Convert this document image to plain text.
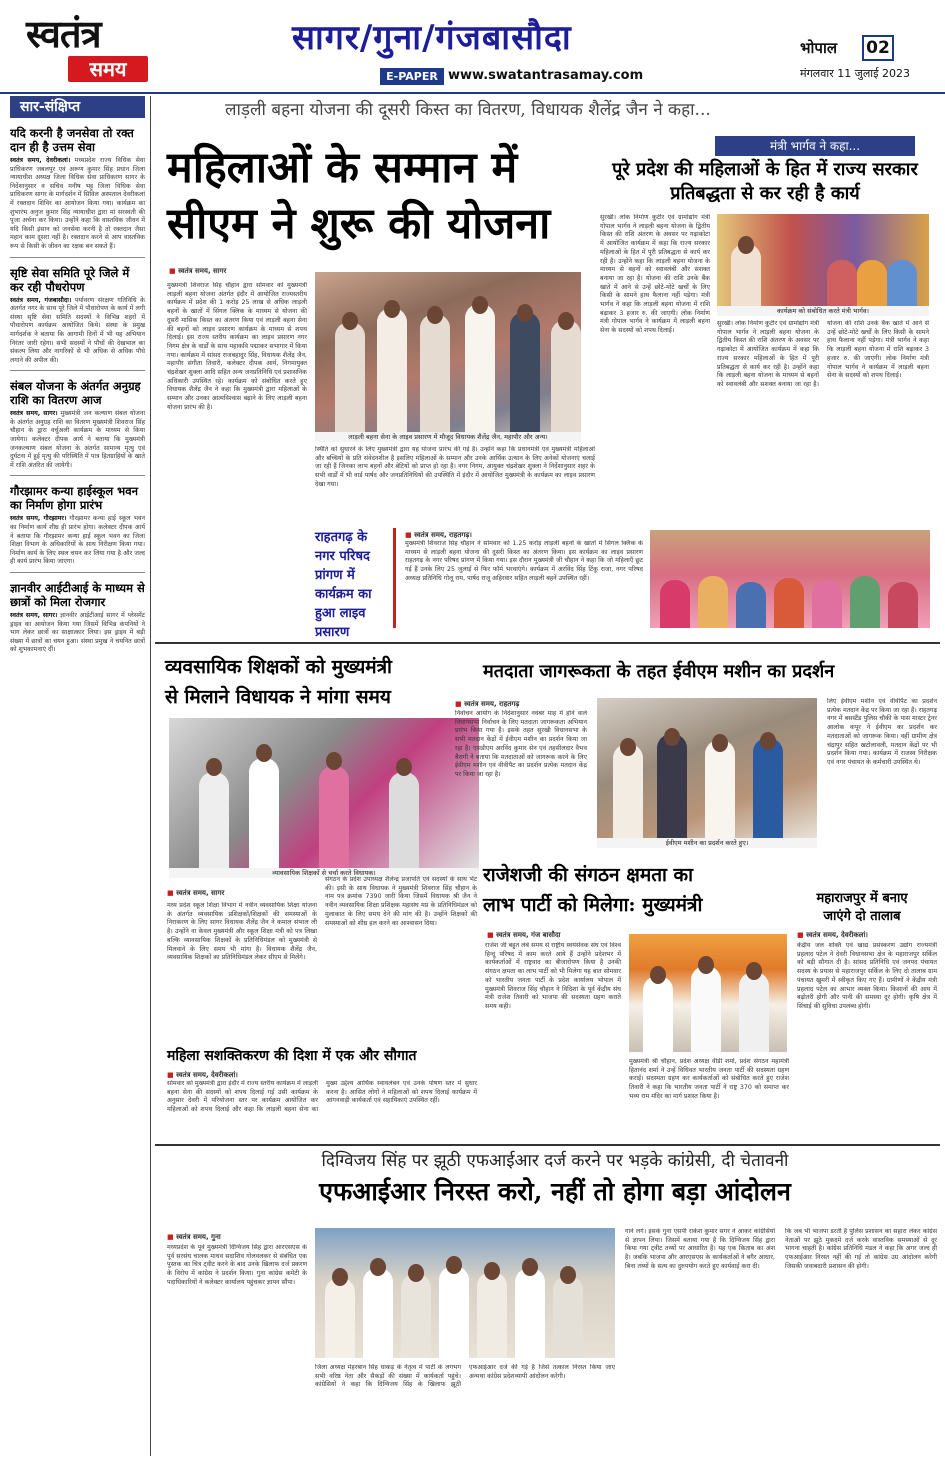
स्वतंत्र
समय
सागर/गुना/गंजबासौदा
E-PAPER www.swatantrasamay.com
भोपाल 02
मंगलवार 11 जुलाई 2023
सार-संक्षिप्त
यदि करनी है जनसेवा तो रक्त दान ही है उत्तम सेवा
स्वतंत्र समय, देवरीकलां। मध्यप्रदेश राज्य विधिक सेवा प्राधिकरण जबलपुर एवं अरूण कुमार सिंह प्रधान जिला न्यायाधीश अध्यक्ष जिला विधिक सेवा प्राधिकरण सागर के निर्देशानुसार व सचिव मनीष भट्ट जिला विधिक सेवा प्राधिकरण सागर के मार्गदर्शन में सिविल अस्पताल देवरीकलां में रक्तदान शिविर का आयोजन किया गया। कार्यक्रम का शुभारंभ अनुज कुमार सिंह न्यायाधीश द्वारा मां सरस्वती की पूजा अर्चना कर किया। उन्होंने कहा कि वास्तविक जीवन में यदि किसी इंसान को जनसेवा करनी है तो रक्तदान जैसा महान काम दूसरा नहीं है। रक्तदान करने से आप वास्तविक रूप से किसी के जीवन का रक्षक बन सकते हैं।
सृष्टि सेवा समिति पूरे जिले में कर रही पौधरोपण
स्वतंत्र समय, गंजबासौदा। पर्यावरण संरक्षण गतिविधि के अंतर्गत नगर के साथ पूरे जिले में पौधारोपण के कार्य में लगी संस्था सृष्टि सेवा समिति सदस्यों ने विभिन्न शहरों में पौधारोपण कार्यक्रम आयोजित किये। संस्था के प्रमुख मार्गदर्शक ने बताया कि आगामी दिनों में भी यह अभियान निरंतर जारी रहेगा। सभी सदस्यों ने पौधों की देखभाल का संकल्प लिया और नागरिकों से भी अधिक से अधिक पौधे लगाने की अपील की।
संबल योजना के अंतर्गत अनुग्रह राशि का वितरण आज
स्वतंत्र समय, सागर। मुख्यमंत्री जन कल्याण संबल योजना के अंतर्गत अनुग्रह राशि का वितरण मुख्यमंत्री शिवराज सिंह चौहान के द्वारा वर्चुअली कार्यक्रम के माध्यम से किया जायेगा। कलेक्टर दीपक आर्य ने बताया कि मुख्यमंत्री जनकल्याण संबल योजना के अंतर्गत सामान्य मृत्यु एवं दुर्घटना में हुई मृत्यु की परिस्थिति में पात्र हितग्राहियों के खाते में राशि अंतरित की जायेगी।
गौरझामर कन्या हाईस्कूल भवन का निर्माण होगा प्रारंभ
स्वतंत्र समय, गौरझामर। गौरझामर कन्या हाई स्कूल भवन का निर्माण कार्य शीघ्र ही प्रारंभ होगा। कलेक्टर दीपक आर्य ने बताया कि गौरझामर कन्या हाई स्कूल भवन का जिला शिक्षा विभाग के अधिकारियों के साथ निरीक्षण किया गया। निर्माण कार्य के लिए स्थल चयन कर लिया गया है और जल्द ही कार्य प्रारंभ किया जाएगा।
ज्ञानवीर आईटीआई के माध्यम से छात्रों को मिला रोजगार
स्वतंत्र समय, सागर। ज्ञानवीर आईटीआई सागर में प्लेसमेंट ड्राइव का आयोजन किया गया जिसमें विभिन्न कंपनियों ने भाग लेकर छात्रों का साक्षात्कार लिया। इस ड्राइव में बड़ी संख्या में छात्रों का चयन हुआ। संस्था प्रमुख ने चयनित छात्रों को शुभकामनाएं दीं।
लाड़ली बहना योजना की दूसरी किस्त का वितरण, विधायक शैलेंद्र जैन ने कहा...
महिलाओं के सम्मान में
सीएम ने शुरू की योजना
■ स्वतंत्र समय, सागर
मुख्यमंत्री शिवराज सिंह चौहान द्वारा सोमवार को मुख्यमंत्री लाड़ली बहना योजना अंतर्गत इंदौर में आयोजित राज्यस्तरीय कार्यक्रम में प्रदेश की 1 करोड़ 25 लाख से अधिक लाड़ली बहनों के खातों में सिंगल क्लिक के माध्यम से योजना की दूसरी मासिक किस्त का अंतरण किया एवं लाड़ली बहना सेना की बहनों को लाइव प्रसारण कार्यक्रम के माध्यम से शपथ दिलाई। इस राज्य स्तरीय कार्यक्रम का लाइव प्रसारण नगर निगम क्षेत्र के वार्डों के साथ महाकवि पद्माकर सभागार में किया गया। कार्यक्रम में सांसद राजबहादुर सिंह, विधायक शैलेंद्र जैन, महापौर संगीता तिवारी, कलेक्टर दीपक आर्य, निगमायुक्त चंद्रशेखर शुक्ला आदि सहित अन्य जनप्रतिनिधि एवं प्रशासनिक अधिकारी उपस्थित रहे। कार्यक्रम को संबोधित करते हुए विधायक शैलेंद्र जैन ने कहा कि मुख्यमंत्री द्वारा महिलाओं के सम्मान और उनका आत्मविश्वास बढ़ाने के लिए लाड़ली बहना योजना प्रारंभ की है।
लाड़ली बहना सेना के लाइव प्रसारण में मौजूद विधायक शैलेंद्र जैन, महापौर और अन्य।
स्थिति को सुधारने के लिए मुख्यमंत्री द्वारा यह योजना प्रारंभ की गई है। उन्होंने कहा कि प्रधानमंत्री एवं मुख्यमंत्री महिलाओं और बच्चियों के प्रति संवेदनशील है इसलिए महिलाओं के सम्मान और उनके आर्थिक उत्थान के लिए अनेकों योजनाएं चलाई जा रही हैं जिनका लाभ बहनों और बेटियों को प्राप्त हो रहा है। नगर निगम, आयुक्त चंद्रशेखर शुक्ला ने निर्देशानुसार शहर के सभी वार्डों में भी वार्ड पार्षद और जनप्रतिनिधियों की उपस्थिति में इंदौर में आयोजित मुख्यमंत्री के कार्यक्रम का लाइव प्रसारण देखा गया।
मंत्री भार्गव ने कहा...
पूरे प्रदेश की महिलाओं के हित में राज्य सरकार प्रतिबद्धता से कर रही है कार्य
सुरखी। लोक निर्माण कुटीर एवं ग्रामोद्योग मंत्री गोपाल भार्गव ने लाड़ली बहना योजना के द्वितीय किस्त की राशि अंतरण के अवसर पर गढ़ाकोटा में आयोजित कार्यक्रम में कहा कि राज्य सरकार महिलाओं के हित में पूरी प्रतिबद्धता से कार्य कर रही है। उन्होंने कहा कि लाड़ली बहना योजना के माध्यम से बहनों को स्वावलंबी और सशक्त बनाया जा रहा है। योजना की राशि उनके बैंक खाते में आने से उन्हें छोटे-मोटे खर्चों के लिए किसी के सामने हाथ फैलाना नहीं पड़ेगा। मंत्री भार्गव ने कहा कि लाड़ली बहना योजना में राशि बढ़ाकर 3 हजार रु. की जाएगी। लोक निर्माण मंत्री गोपाल भार्गव ने कार्यक्रम में लाड़ली बहना सेना के सदस्यों को शपथ दिलाई।
कार्यक्रम को संबोधित करते मंत्री भार्गव।
सुरखी। लोक निर्माण कुटीर एवं ग्रामोद्योग मंत्री गोपाल भार्गव ने लाड़ली बहना योजना के द्वितीय किस्त की राशि अंतरण के अवसर पर गढ़ाकोटा में आयोजित कार्यक्रम में कहा कि राज्य सरकार महिलाओं के हित में पूरी प्रतिबद्धता से कार्य कर रही है। उन्होंने कहा कि लाड़ली बहना योजना के माध्यम से बहनों को स्वावलंबी और सशक्त बनाया जा रहा है। योजना की राशि उनके बैंक खाते में आने से उन्हें छोटे-मोटे खर्चों के लिए किसी के सामने हाथ फैलाना नहीं पड़ेगा। मंत्री भार्गव ने कहा कि लाड़ली बहना योजना में राशि बढ़ाकर 3 हजार रु. की जाएगी। लोक निर्माण मंत्री गोपाल भार्गव ने कार्यक्रम में लाड़ली बहना सेना के सदस्यों को शपथ दिलाई।
राहतगढ़ के नगर परिषद प्रांगण में कार्यक्रम का हुआ लाइव प्रसारण
■ स्वतंत्र समय, राहतगढ़।
मुख्यमंत्री शिवराज सिंह चौहान ने सोमवार को 1.25 करोड़ लाड़ली बहनों के खातों में सिंगल क्लिक के माध्यम से लाड़ली बहना योजना की दूसरी किस्त का अंतरण किया। इस कार्यक्रम का लाइव प्रसारण राहतगढ़ के नगर परिषद प्रांगण में किया गया। इस दौरान मुख्यमंत्री जी चौहान ने कहा कि जो महिलाएँ छूट गई हैं उनके लिए 25 जुलाई से फिर फॉर्म भरवाएंगे। कार्यक्रम में अरविंद सिंह टिंकू राजा, नगर परिषद अध्यक्ष प्रतिनिधि गोलू राय, पार्षद राजू अहिरवार सहित लाड़ली बहनें उपस्थित रहीं।
व्यवसायिक शिक्षकों को मुख्यमंत्री
से मिलाने विधायक ने मांगा समय
व्यावसायिक शिक्षकों से चर्चा करते विधायक।
■ स्वतंत्र समय, सागर
मध्य प्रदेश स्कूल शिक्षा विभाग में नवीन व्यवसायिक शिक्षा योजना के अंतर्गत व्यवसायिक प्रशिक्षकों/शिक्षकों की समस्याओं के निराकरण के लिए सागर विधायक शैलेंद्र जैन ने कमाल संभाल ली है। उन्होंने वा केवल मुख्यमंत्री और स्कूल शिक्षा मंत्री को पत्र लिखा बल्कि व्यावसायिक शिक्षकों के प्रतिनिधिमंडल को मुख्यमंत्री से मिलवाने के लिए समय भी मांगा है। विधायक शैलेंद्र जैन, व्यवसायिक शिक्षकों का प्रतिनिधिमंडल लेकर सीएम से मिलेंगे।
संगठन के प्रदेश उपाध्यक्ष शैलेन्द्र प्रजापति एवं सदस्यों के साथ भेंट की। इसी के साथ विधायक ने मुख्यमंत्री शिवराज सिंह चौहान के नाम पत्र क्रमांक 7390 जारी किया जिसमें विधायक श्री जैन ने नवीन व्यवसायिक शिक्षा प्रशिक्षक महासंघ मप्र के प्रतिनिधिमंडल को मुलाकात के लिए समय देने की मांग की है। उन्होंने शिक्षकों की समस्याओं को शीघ्र हल करने का आश्वासन दिया।
मतदाता जागरूकता के तहत ईवीएम मशीन का प्रदर्शन
■ स्वतंत्र समय, राहतगढ़
निर्वाचन आयोग के निर्देशानुसार नवंबर माह में होने वाले विधानसभा निर्वाचन के लिए मतदाता जागरूकता अभियान प्रारंभ किया गया है। इसके तहत सुरखी विधानसभा के सभी मतदान केंद्रों में ईवीएम मशीन का प्रदर्शन किया जा रहा है। एसडीएम अरविंद कुमार सेन एवं तहसीलदार वैभव बैरागी ने बताया कि मतदाताओं को जागरूक करने के लिए ईवीएम मशीन एवं वीवीपैट का प्रदर्शन प्रत्येक मतदान केंद्र पर किया जा रहा है।
ईवीएम मशीन का प्रदर्शन करते हुए।
लिए ईवीएम मशीन एवं वीवीपैट का प्रदर्शन प्रत्येक मतदान केंद्र पर किया जा रहा है। राहतगढ़ नगर में बसस्टैंड पुलिस चौकी के पास मास्टर ट्रेनर आलोक कपूर ने ईवीएम का प्रदर्शन कर मतदाताओं को जागरूक किया। वहीं ग्रामीण क्षेत्र चंद्रापुर सहित खटोलावली, मतदान केंद्रों पर भी प्रदर्शन किया गया। कार्यक्रम में राजस्व निरीक्षक एवं नगर पंचायत के कर्मचारी उपस्थित थे।
राजेशजी की संगठन क्षमता का
लाभ पार्टी को मिलेगा: मुख्यमंत्री
■ स्वतंत्र समय, गंज बासौदा
राजेश जी बहुत लंबे समय से राष्ट्रीय स्वयंसेवक संघ एवं विश्व हिन्दू परिषद में काम करते आये हैं उन्होंने प्रदेशभर में कार्यकर्ताओं में राष्ट्रवाद का बीजारोपण किया है उनकी संगठन क्षमता का लाभ पार्टी को भी मिलेगा यह बात सोमवार को भारतीय जनता पार्टी के प्रदेश कार्यालय भोपाल में मुख्यमंत्री शिवराज सिंह चौहान ने विदिशा के पूर्व केंद्रीय संघ मंत्री राजेश तिवारी को भाजपा की सदस्यता ग्रहण कराते समय कही।
मुख्यमंत्री श्री चौहान, प्रदेश अध्यक्ष वीडी शर्मा, प्रदेश संगठन महामंत्री हितानंद शर्मा ने उन्हें विधिवत भारतीय जनता पार्टी की सदस्यता ग्रहण कराई। सदस्यता ग्रहण कर कार्यकर्ताओं को संबोधित करते हुए राजेश तिवारी ने कहा कि भारतीय जनता पार्टी ने राष्ट्र 370 को समाप्त कर भव्य राम मंदिर का मार्ग प्रशस्त किया है।
महाराजपुर में बनाए
जाएंगे दो तालाब
■ स्वतंत्र समय, देवरीकलां।
केंद्रीय जल शक्ति एवं खाद्य प्रसंस्करण उद्योग राज्यमंत्री प्रहलाद पटेल ने देवरी विधानसभा क्षेत्र के महाराजपुर सर्किल को बड़ी सौगात दी है। सांसद प्रतिनिधि एवं जनपद पंचायत सदस्य के प्रयास से महाराजपुर सर्किल के लिए दो तालाब ग्राम पंचायत खुमरी में स्वीकृत किए गए हैं। ग्रामीणों ने केंद्रीय मंत्री प्रहलाद पटेल का आभार व्यक्त किया। किसानों की आय में बढ़ोतरी होगी और पानी की समस्या दूर होगी। कृषि क्षेत्र में सिंचाई की सुविधा उपलब्ध होगी।
महिला सशक्तिकरण की दिशा में एक और सौगात
■ स्वतंत्र समय, देवरीकलां।
सोमवार को मुख्यमंत्री द्वारा इंदौर में राज्य स्तरीय कार्यक्रम में लाड़ली बहना सेना की सदस्यों को शपथ दिलाई गई उसी कार्यक्रम के अनुसार देवरी में परियोजना स्तर पर कार्यक्रम आयोजित कर महिलाओं को शपथ दिलाई और कहा कि लाड़ली बहना सेना का मुख्य उद्देश्य आर्थिक स्वावलंबन एवं उनके पोषण स्तर में सुधार करना है। आसित लोगों ने महिलाओं को शपथ दिलाई कार्यक्रम में आंगनवाड़ी कार्यकर्ता एवं सहायिकाएं उपस्थित रहीं।
दिग्विजय सिंह पर झूठी एफआईआर दर्ज करने पर भड़के कांग्रेसी, दी चेतावनी
एफआईआर निरस्त करो, नहीं तो होगा बड़ा आंदोलन
■ स्वतंत्र समय, गुना
मध्यप्रदेश के पूर्व मुख्यमंत्री दिग्विजय सिंह द्वारा आरएसएस के पूर्व सरसंघ चालक माधव सदाशिव गोलवलकर से संबंधित एक पुस्तक का चित्र ट्वीट करने के बाद उनके खिलाफ दर्ज प्रकरण के विरोध में कांग्रेस ने प्रदर्शन किया। गुना कांग्रेस कमेटी के पदाधिकारियों ने कलेक्टर कार्यालय पहुंचकर ज्ञापन सौंपा।
जिला अध्यक्ष मेहरबान सिंह धाकड़ के नेतृत्व में पार्टी के लगभग सभी वरिष्ठ नेता और सैकड़ों की संख्या में कार्यकर्ता पहुंचे। कांग्रेसियों ने कहा कि दिग्विजय सिंह के खिलाफ झूठी एफआईआर दर्ज की गई है जिसे तत्काल निरस्त किया जाए अन्यथा कांग्रेस प्रदेशव्यापी आंदोलन करेगी।
गाने लगे। इसके गुना एसपी राकेश कुमार सगर ने आकर कांग्रेसियों से ज्ञापन लिया। जिसमें बताया गया है कि दिग्विजय सिंह द्वारा किया गया ट्वीट तथ्यों पर आधारित है। यह एक किताब का अंश है। जबकि भाजपा और आरएसएस के कार्यकर्ताओं ने बगैर आधार, बिना तथ्यों के सत्य का दुरुपयोग करते हुए कार्यवाई करा दी।
कि जब भी भाजपा डरती है पुलिस प्रशासन का सहारा लेकर कांग्रेस नेताओं पर झूठे मुकदमे दर्ज करके वास्तविक समस्याओं से दूर भागना चाहती है। कांग्रेस प्रतिनिधि मंडल ने कहा कि अगर जल्द ही एफआईआर निरस्त नहीं की गई तो कांग्रेस उग्र आंदोलन करेगी जिसकी जवाबदारी प्रशासन की होगी।
